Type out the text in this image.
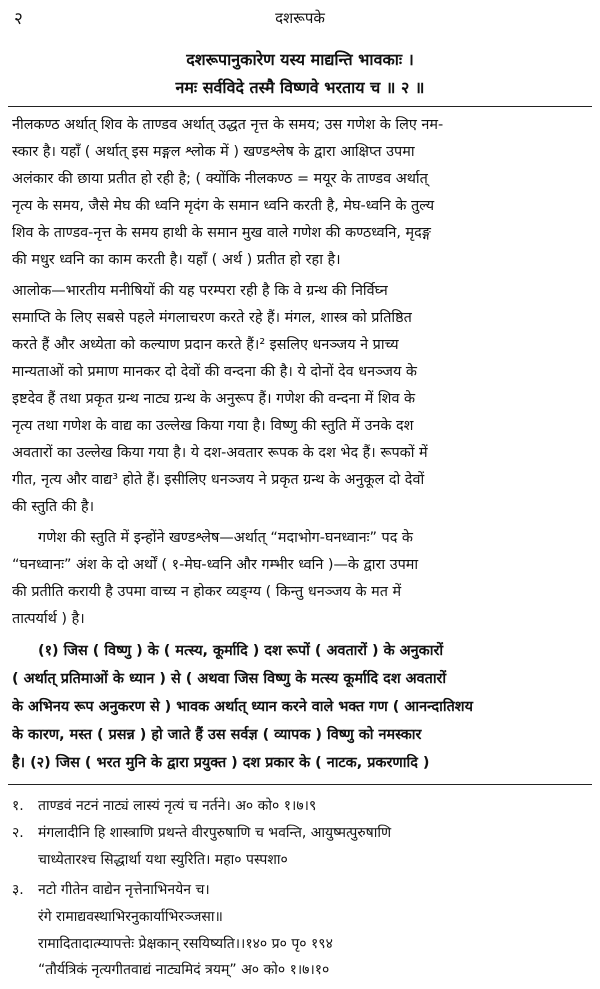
२	दशरूपके
दशरूपानुकारेण यस्य माद्यन्ति भावकाः ।
नमः सर्वविदे तस्मै विष्णवे भरताय च ॥ २ ॥
नीलकण्ठ अर्थात् शिव के ताण्डव अर्थात् उद्धत नृत्त के समय; उस गणेश के लिए नम-
स्कार है। यहाँ ( अर्थात् इस मङ्गल श्लोक में ) खण्डश्लेष के द्वारा आक्षिप्त उपमा
अलंकार की छाया प्रतीत हो रही है; ( क्योंकि नीलकण्ठ = मयूर के ताण्डव अर्थात्
नृत्य के समय, जैसे मेघ की ध्वनि मृदंग के समान ध्वनि करती है, मेघ-ध्वनि के तुल्य
शिव के ताण्डव-नृत्त के समय हाथी के समान मुख वाले गणेश की कण्ठध्वनि, मृदङ्ग
की मधुर ध्वनि का काम करती है। यहाँ ( अर्थ ) प्रतीत हो रहा है।
आलोक—भारतीय मनीषियों की यह परम्परा रही है कि वे ग्रन्थ की निर्विघ्न
समाप्ति के लिए सबसे पहले मंगलाचरण करते रहे हैं। मंगल, शास्त्र को प्रतिष्ठित
करते हैं और अध्येता को कल्याण प्रदान करते हैं।² इसलिए धनञ्जय ने प्राच्य
मान्यताओं को प्रमाण मानकर दो देवों की वन्दना की है। ये दोनों देव धनञ्जय के
इष्टदेव हैं तथा प्रकृत ग्रन्थ नाट्य ग्रन्थ के अनुरूप हैं। गणेश की वन्दना में शिव के
नृत्य तथा गणेश के वाद्य का उल्लेख किया गया है। विष्णु की स्तुति में उनके दश
अवतारों का उल्लेख किया गया है। ये दश-अवतार रूपक के दश भेद हैं। रूपकों में
गीत, नृत्य और वाद्य³ होते हैं। इसीलिए धनञ्जय ने प्रकृत ग्रन्थ के अनुकूल दो देवों
की स्तुति की है।
गणेश की स्तुति में इन्होंने खण्डश्लेष—अर्थात् “मदाभोग-घनध्वानः” पद के
“घनध्वानः” अंश के दो अर्थों ( १-मेघ-ध्वनि और गम्भीर ध्वनि )—के द्वारा उपमा
की प्रतीति करायी है उपमा वाच्य न होकर व्यङ्ग्य ( किन्तु धनञ्जय के मत में
तात्पर्यार्थ ) है।
(१) जिस ( विष्णु ) के ( मत्स्य, कूर्मादि ) दश रूपों ( अवतारों ) के अनुकारों
( अर्थात् प्रतिमाओं के ध्यान ) से ( अथवा जिस विष्णु के मत्स्य कूर्मादि दश अवतारों
के अभिनय रूप अनुकरण से ) भावक अर्थात् ध्यान करने वाले भक्त गण ( आनन्दातिशय
के कारण, मस्त ( प्रसन्न ) हो जाते हैं उस सर्वज्ञ ( व्यापक ) विष्णु को नमस्कार
है। (२) जिस ( भरत मुनि के द्वारा प्रयुक्त ) दश प्रकार के ( नाटक, प्रकरणादि )
१. ताण्डवं नटनं नाट्यं लास्यं नृत्यं च नर्तने। अ० को० १।७।९
२. मंगलादीनि हि शास्त्राणि प्रथन्ते वीरपुरुषाणि च भवन्ति, आयुष्मत्पुरुषाणि
चाध्येतारश्च सिद्धार्था यथा स्युरिति। महा० पस्पशा०
३. नटो गीतेन वाद्येन नृत्तेनाभिनयेन च।
रंगे रामाद्यवस्थाभिरनुकार्याभिरञ्जसा॥
रामादितादात्म्यापत्तेः प्रेक्षकान् रसयिष्यति।।१४० प्र० पृ० १९४
“तौर्यत्रिकं नृत्यगीतवाद्यं नाट्यमिदं त्रयम्” अ० को० १।७।१०
